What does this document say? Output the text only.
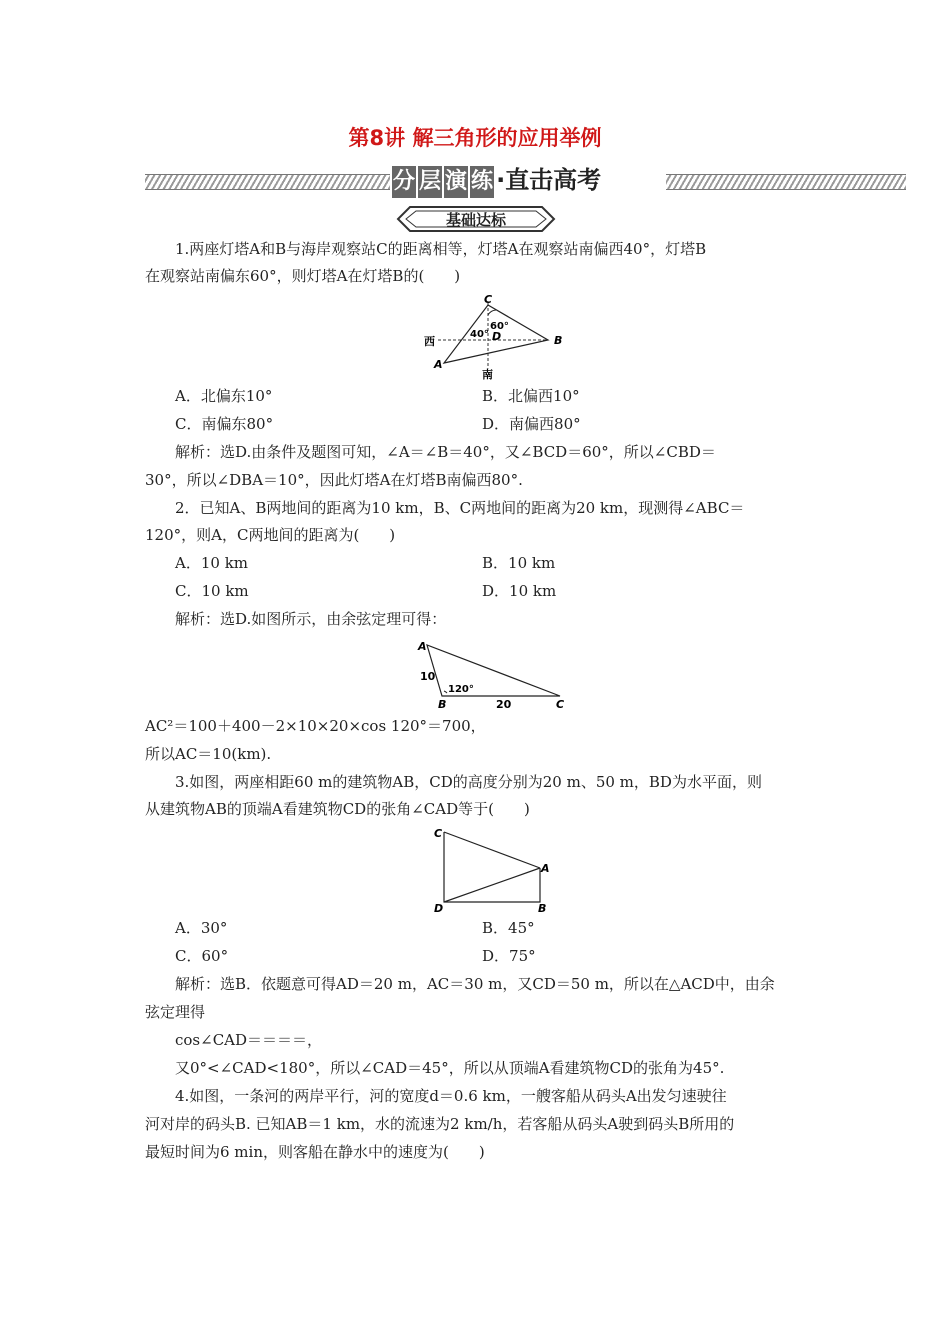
第8讲 解三角形的应用举例
分 层 演 练 ·直击高考
基础达标
1.两座灯塔A和B与海岸观察站C的距离相等，灯塔A在观察站南偏西40°，灯塔B
在观察站南偏东60°，则灯塔A在灯塔B的(　　)
C
B
A
D
西
南
40°
60°
A．北偏东10°	B．北偏西10°
C．南偏东80°	D．南偏西80°
解析：选D.由条件及题图可知，∠A＝∠B＝40°，又∠BCD＝60°，所以∠CBD＝
30°，所以∠DBA＝10°，因此灯塔A在灯塔B南偏西80°.
2．已知A、B两地间的距离为10 km，B、C两地间的距离为20 km，现测得∠ABC＝
120°，则A，C两地间的距离为(　　)
A．10 km	B．10 km
C．10 km	D．10 km
解析：选D.如图所示，由余弦定理可得：
A
B	C
10
20
120°
AC²＝100＋400－2×10×20×cos 120°＝700，
所以AC＝10(km).
3.如图，两座相距60 m的建筑物AB，CD的高度分别为20 m、50 m，BD为水平面，则
从建筑物AB的顶端A看建筑物CD的张角∠CAD等于(　　)
C
A
D	B
A．30°	B．45°
C．60°	D．75°
解析：选B．依题意可得AD＝20 m，AC＝30 m，又CD＝50 m，所以在△ACD中，由余
弦定理得
cos∠CAD＝＝＝＝，
又0°<∠CAD<180°，所以∠CAD＝45°，所以从顶端A看建筑物CD的张角为45°.
4.如图，一条河的两岸平行，河的宽度d＝0.6 km，一艘客船从码头A出发匀速驶往
河对岸的码头B. 已知AB＝1 km，水的流速为2 km/h，若客船从码头A驶到码头B所用的
最短时间为6 min，则客船在静水中的速度为(　　)
